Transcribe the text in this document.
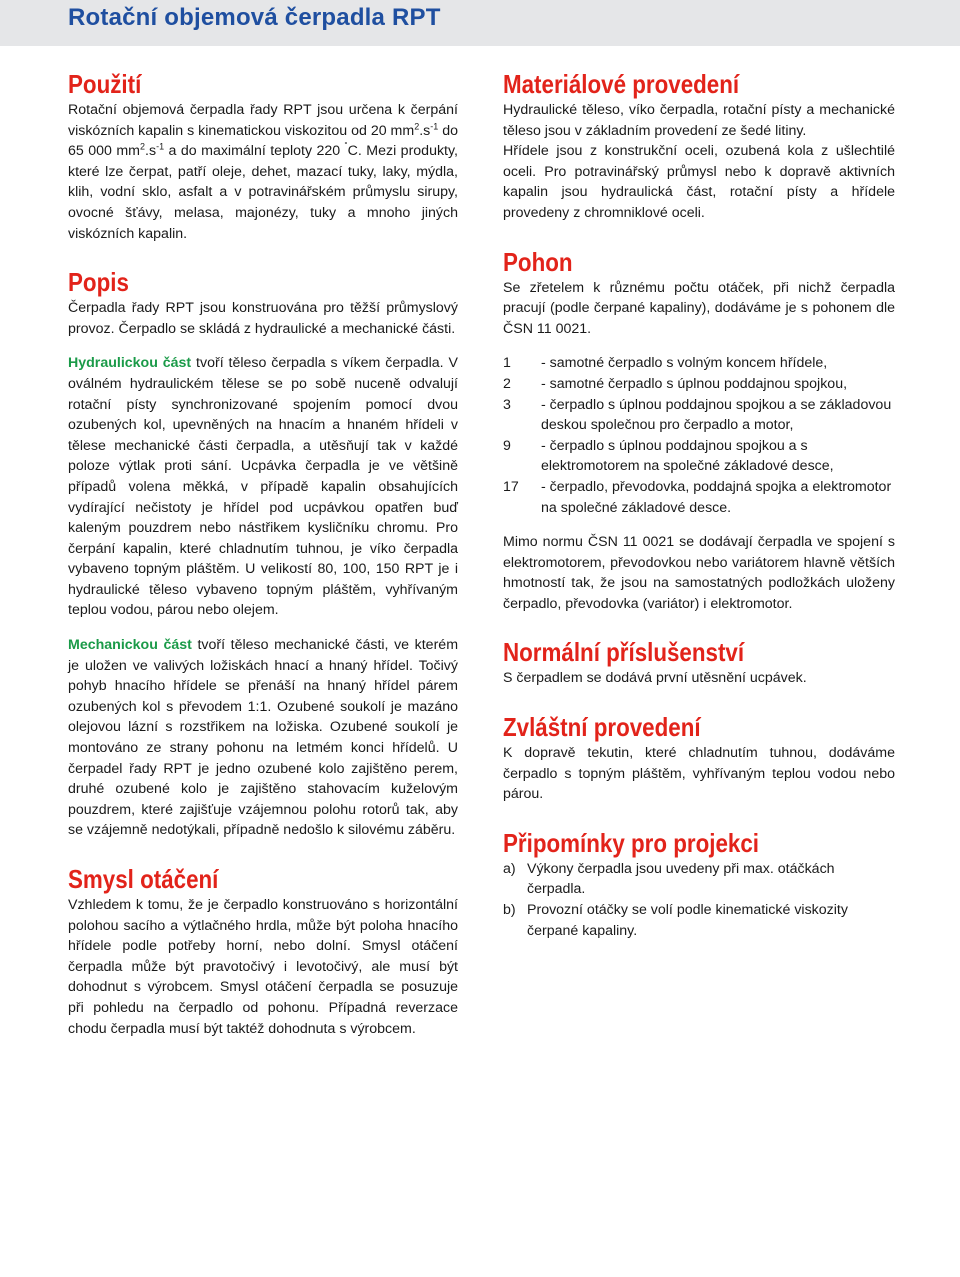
Rotační objemová čerpadla RPT
Použití

Rotační objemová čerpadla řady RPT jsou určena k čerpání viskózních kapalin s kinematickou viskozitou od 20 $mm^2.s^{-1}$ do 65 000 $mm^2.s^{-1}$ a do maximální teploty 220 ˚C. Mezi produkty, které lze čerpat, patří oleje, dehet, mazací tuky, laky, mýdla, klih, vodní sklo, asfalt a v potravinářském průmyslu sirupy, ovocné šťávy, melasa, majonézy, tuky a mnoho jiných viskózních kapalin.

Popis

Čerpadla řady RPT jsou konstruována pro těžší průmyslový provoz. Čerpadlo se skládá z hydraulické a mechanické části.

Hydraulickou část tvoří těleso čerpadla s víkem čerpadla. V oválném hydraulickém tělese se po sobě nuceně odvalují rotační písty synchronizované spojením pomocí dvou ozubených kol, upevněných na hnacím a hnaném hřídeli v tělese mechanické části čerpadla, a utěsňují tak v každé poloze výtlak proti sání. Ucpávka čerpadla je ve většině případů volena měkká, v případě kapalin obsahujících vydírající nečistoty je hřídel pod ucpávkou opatřen buď kaleným pouzdrem nebo nástřikem kysličníku chromu. Pro čerpání kapalin, které chladnutím tuhnou, je víko čerpadla vybaveno topným pláštěm. U velikostí 80, 100, 150 RPT je i hydraulické těleso vybaveno topným pláštěm, vyhřívaným teplou vodou, párou nebo olejem.

Mechanickou část tvoří těleso mechanické části, ve kterém je uložen ve valivých ložiskách hnací a hnaný hřídel. Točivý pohyb hnacího hřídele se přenáší na hnaný hřídel párem ozubených kol s převodem 1:1. Ozubené soukolí je mazáno olejovou lázní s rozstřikem na ložiska. Ozubené soukolí je montováno ze strany pohonu na letmém konci hřídelů. U čerpadel řady RPT je jedno ozubené kolo zajištěno perem, druhé ozubené kolo je zajištěno stahovacím kuželovým pouzdrem, které zajišťuje vzájemnou polohu rotorů tak, aby se vzájemně nedotýkali, případně nedošlo k silovému záběru.

Smysl otáčení

Vzhledem k tomu, že je čerpadlo konstruováno s horizontální polohou sacího a výtlačného hrdla, může být poloha hnacího hřídele podle potřeby horní, nebo dolní. Smysl otáčení čerpadla může být pravotočivý i levotočivý, ale musí být dohodnut s výrobcem. Smysl otáčení čerpadla se posuzuje při pohledu na čerpadlo od pohonu. Případná reverzace chodu čerpadla musí být taktéž dohodnuta s výrobcem.

Materiálové provedení

Hydraulické těleso, víko čerpadla, rotační písty a mechanické těleso jsou v základním provedení ze šedé litiny.

Hřídele jsou z konstrukční oceli, ozubená kola z ušlechtilé oceli. Pro potravinářský průmysl nebo k dopravě aktivních kapalin jsou hydraulická část, rotační písty a hřídele provedeny z chromniklové oceli.

Pohon

Se zřetelem k různému počtu otáček, při nichž čerpadla pracují (podle čerpané kapaliny), dodáváme je s pohonem dle ČSN 11 0021.

1 - samotné čerpadlo s volným koncem hřídele,
2 - samotné čerpadlo s úplnou poddajnou spojkou,
3 - čerpadlo s úplnou poddajnou spojkou a se základovou deskou společnou pro čerpadlo a motor,
9 - čerpadlo s úplnou poddajnou spojkou a s elektromotorem na společné základové desce,
17 - čerpadlo, převodovka, poddajná spojka a elektromotor na společné základové desce.

Mimo normu ČSN 11 0021 se dodávají čerpadla ve spojení s elektromotorem, převodovkou nebo variátorem hlavně větších hmotností tak, že jsou na samostatných podložkách uloženy čerpadlo, převodovka (variátor) i elektromotor.

Normální příslušenství

S čerpadlem se dodává první utěsnění ucpávek.

Zvláštní provedení

K dopravě tekutin, které chladnutím tuhnou, dodáváme čerpadlo s topným pláštěm, vyhřívaným teplou vodou nebo párou.

Připomínky pro projekci
a) Výkony čerpadla jsou uvedeny při max. otáčkách čerpadla.
b) Provozní otáčky se volí podle kinematické viskozity čerpané kapaliny.
